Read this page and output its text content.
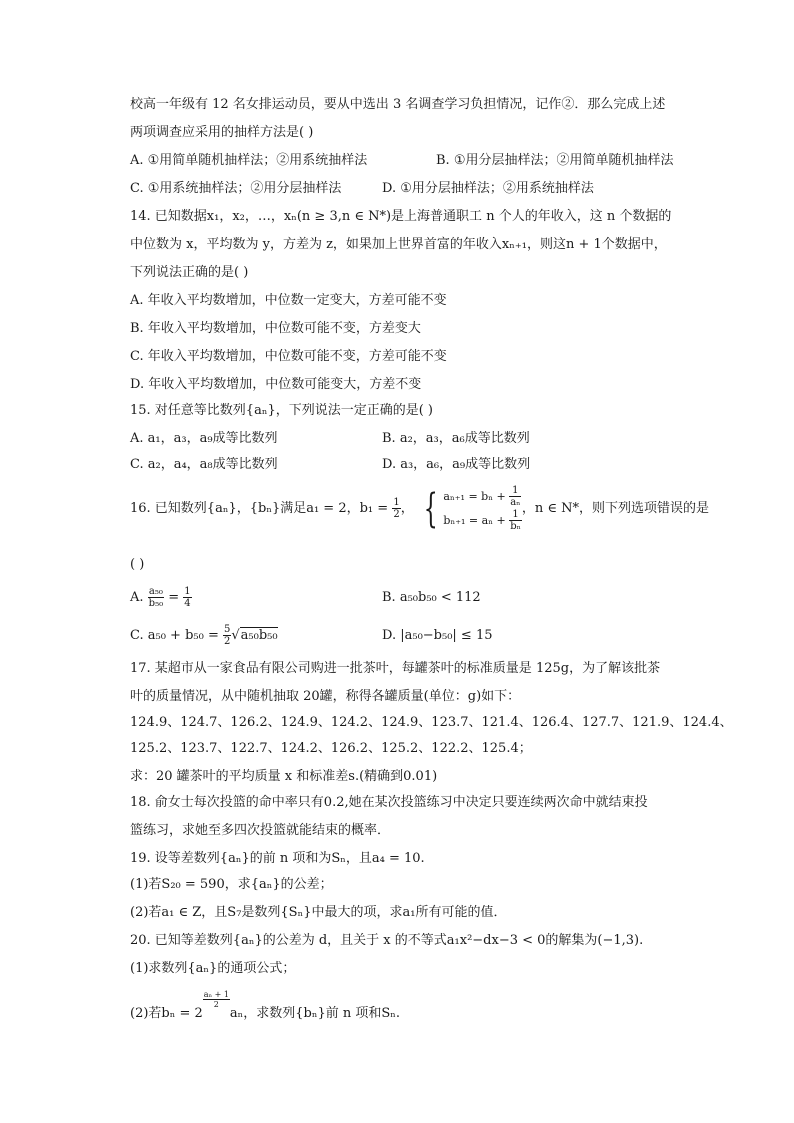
校高一年级有 12 名女排运动员，要从中选出 3 名调查学习负担情况，记作②．那么完成上述
两项调查应采用的抽样方法是( )
A. ①用简单随机抽样法；②用系统抽样法	B. ①用分层抽样法；②用简单随机抽样法
C. ①用系统抽样法；②用分层抽样法	D. ①用分层抽样法；②用系统抽样法
14. 已知数据x₁，x₂，…，xₙ(n ≥ 3,n ∈ N*)是上海普通职工 n 个人的年收入，这 n 个数据的
中位数为 x，平均数为 y，方差为 z，如果加上世界首富的年收入xₙ₊₁，则这n + 1个数据中，
下列说法正确的是( )
A. 年收入平均数增加，中位数一定变大，方差可能不变
B. 年收入平均数增加，中位数可能不变，方差变大
C. 年收入平均数增加，中位数可能不变，方差可能不变
D. 年收入平均数增加，中位数可能变大，方差不变
15. 对任意等比数列{aₙ}，下列说法一定正确的是( )
A. a₁，a₃，a₉成等比数列	B. a₂，a₃，a₆成等比数列
C. a₂，a₄，a₈成等比数列	D. a₃，a₆，a₉成等比数列
16. 已知数列{aₙ}，{bₙ}满足a₁ = 2，$b_1 = \frac{1}{2}$ ， { $a_{n+1} = b_n + \frac{1}{\text{aₙ}}$
$b_{n+1} = a_n + \frac{1}{\text{bₙ}}$
，n ∈ N*，则下列选项错误的是
( )
A. $\frac{\text{a₅₀}}{\text{b₅₀}} = \frac{1}{4}$	B. a₅₀b₅₀ < 112
C. $a_{50} + b_{50} = \frac{5}{2} √a_{50}b_{50}$	D. |a₅₀−b₅₀| ≤ 15
17. 某超市从一家食品有限公司购进一批茶叶，每罐茶叶的标准质量是 125g，为了解该批茶
叶的质量情况，从中随机抽取 20罐，称得各罐质量(单位：g)如下：
124.9、124.7、126.2、124.9、124.2、124.9、123.7、121.4、126.4、127.7、121.9、124.4、
125.2、123.7、122.7、124.2、126.2、125.2、122.2、125.4；
求：20 罐茶叶的平均质量 x 和标准差s.(精确到0.01)
18. 俞女士每次投篮的命中率只有0.2,她在某次投篮练习中决定只要连续两次命中就结束投
篮练习，求她至多四次投篮就能结束的概率．
19. 设等差数列{aₙ}的前 n 项和为Sₙ，且a₄ = 10.
(1)若S₂₀ = 590，求{aₙ}的公差；
(2)若a₁ ∈ Z，且S₇是数列{Sₙ}中最大的项，求a₁所有可能的值．
20. 已知等差数列{aₙ}的公差为 d，且关于 x 的不等式a₁x²−dx−3 < 0的解集为(−1,3).
(1)求数列{aₙ}的通项公式；
(2)若bₙ = 2
$\frac{\text{aₙ + 1}}{2}$
aₙ，求数列{bₙ}前 n 项和Sₙ.
